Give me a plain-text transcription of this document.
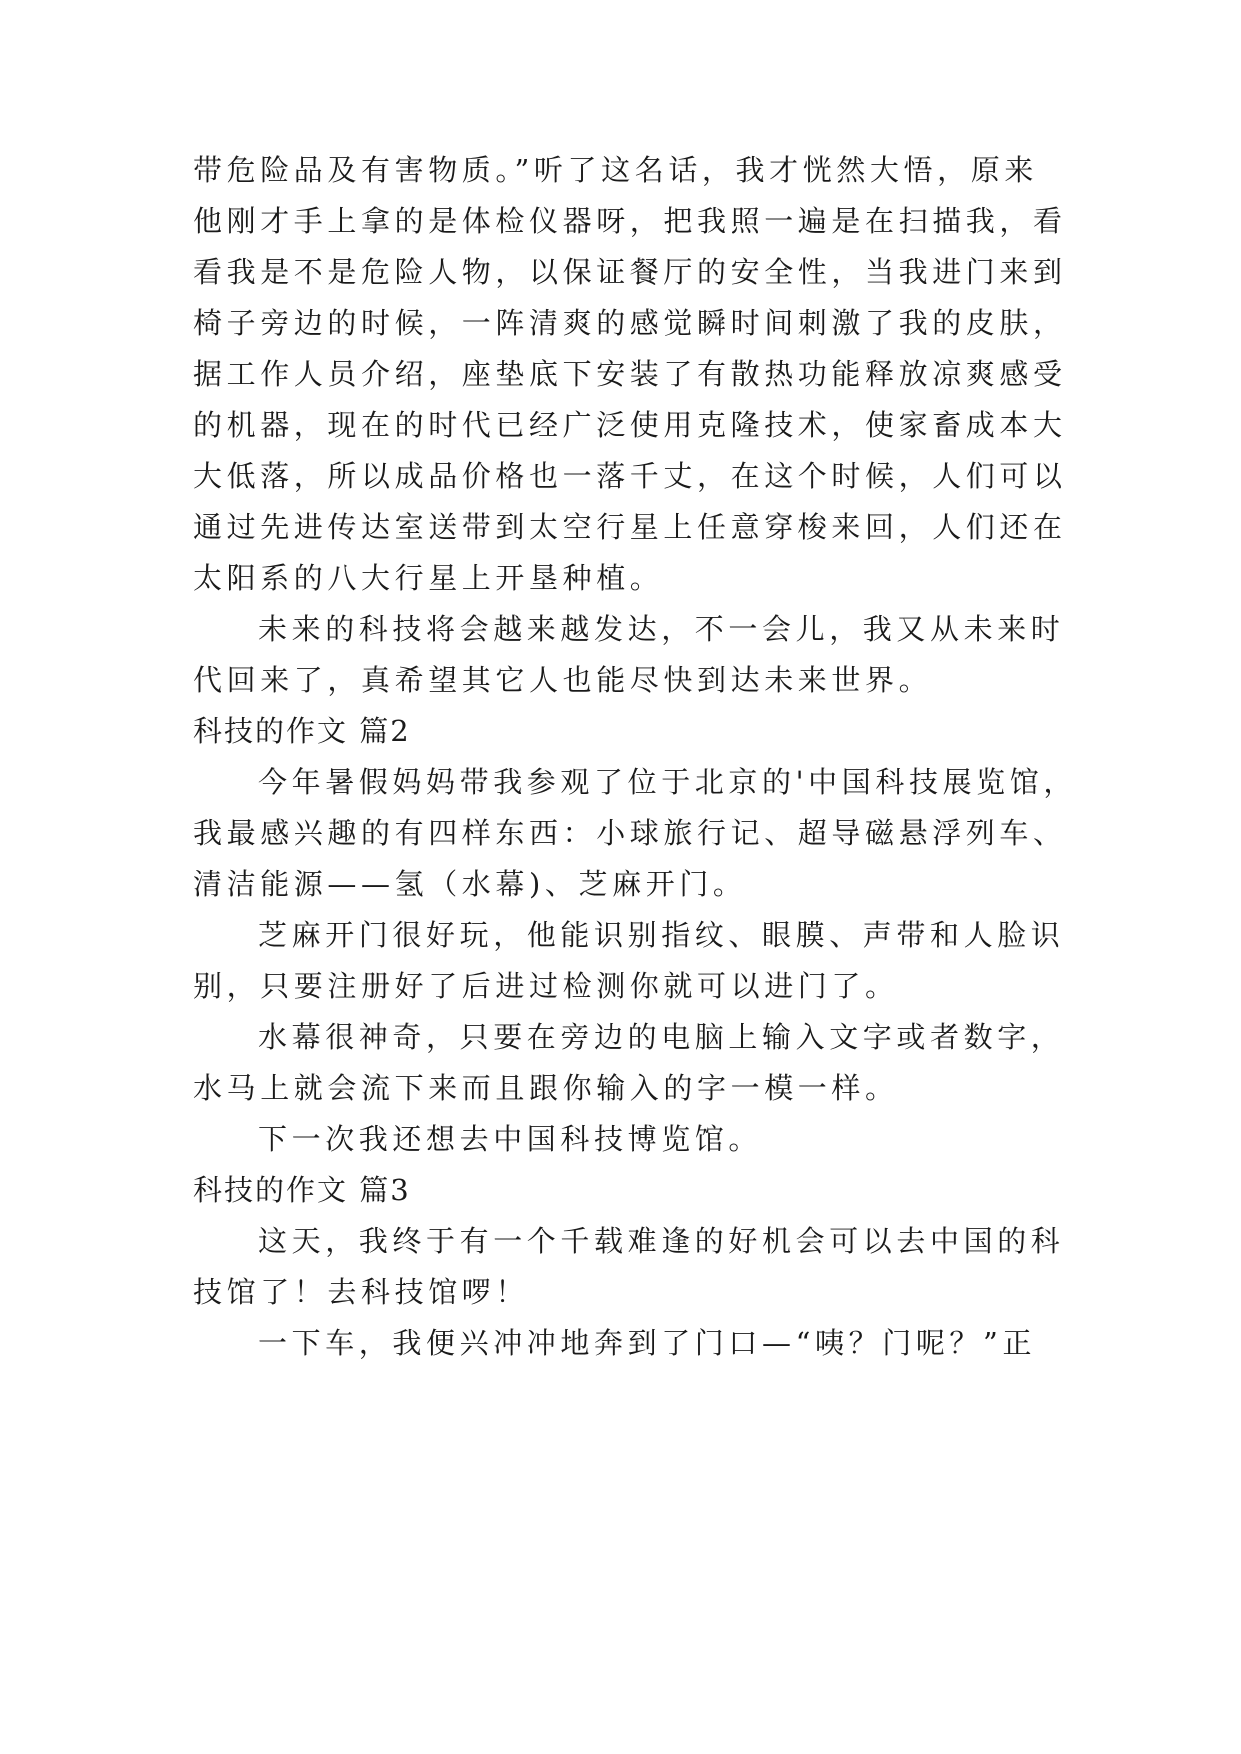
带危险品及有害物质。”听了这名话，我才恍然大悟，原来

他刚才手上拿的是体检仪器呀，把我照一遍是在扫描我，看

看我是不是危险人物，以保证餐厅的安全性，当我进门来到

椅子旁边的时候，一阵清爽的感觉瞬时间刺激了我的皮肤，

据工作人员介绍，座垫底下安装了有散热功能释放凉爽感受

的机器，现在的时代已经广泛使用克隆技术，使家畜成本大

大低落，所以成品价格也一落千丈，在这个时候，人们可以

通过先进传达室送带到太空行星上任意穿梭来回，人们还在

太阳系的八大行星上开垦种植。

未来的科技将会越来越发达，不一会儿，我又从未来时

代回来了，真希望其它人也能尽快到达未来世界。

科技的作文 篇2

今年暑假妈妈带我参观了位于北京的'中国科技展览馆，

我最感兴趣的有四样东西：小球旅行记、超导磁悬浮列车、

清洁能源——氢（水幕)、芝麻开门。

芝麻开门很好玩，他能识别指纹、眼膜、声带和人脸识

别，只要注册好了后进过检测你就可以进门了。

水幕很神奇，只要在旁边的电脑上输入文字或者数字，

水马上就会流下来而且跟你输入的字一模一样。

下一次我还想去中国科技博览馆。

科技的作文 篇3

这天，我终于有一个千载难逢的好机会可以去中国的科

技馆了！去科技馆啰！

一下车，我便兴冲冲地奔到了门口—“咦？门呢？”正
